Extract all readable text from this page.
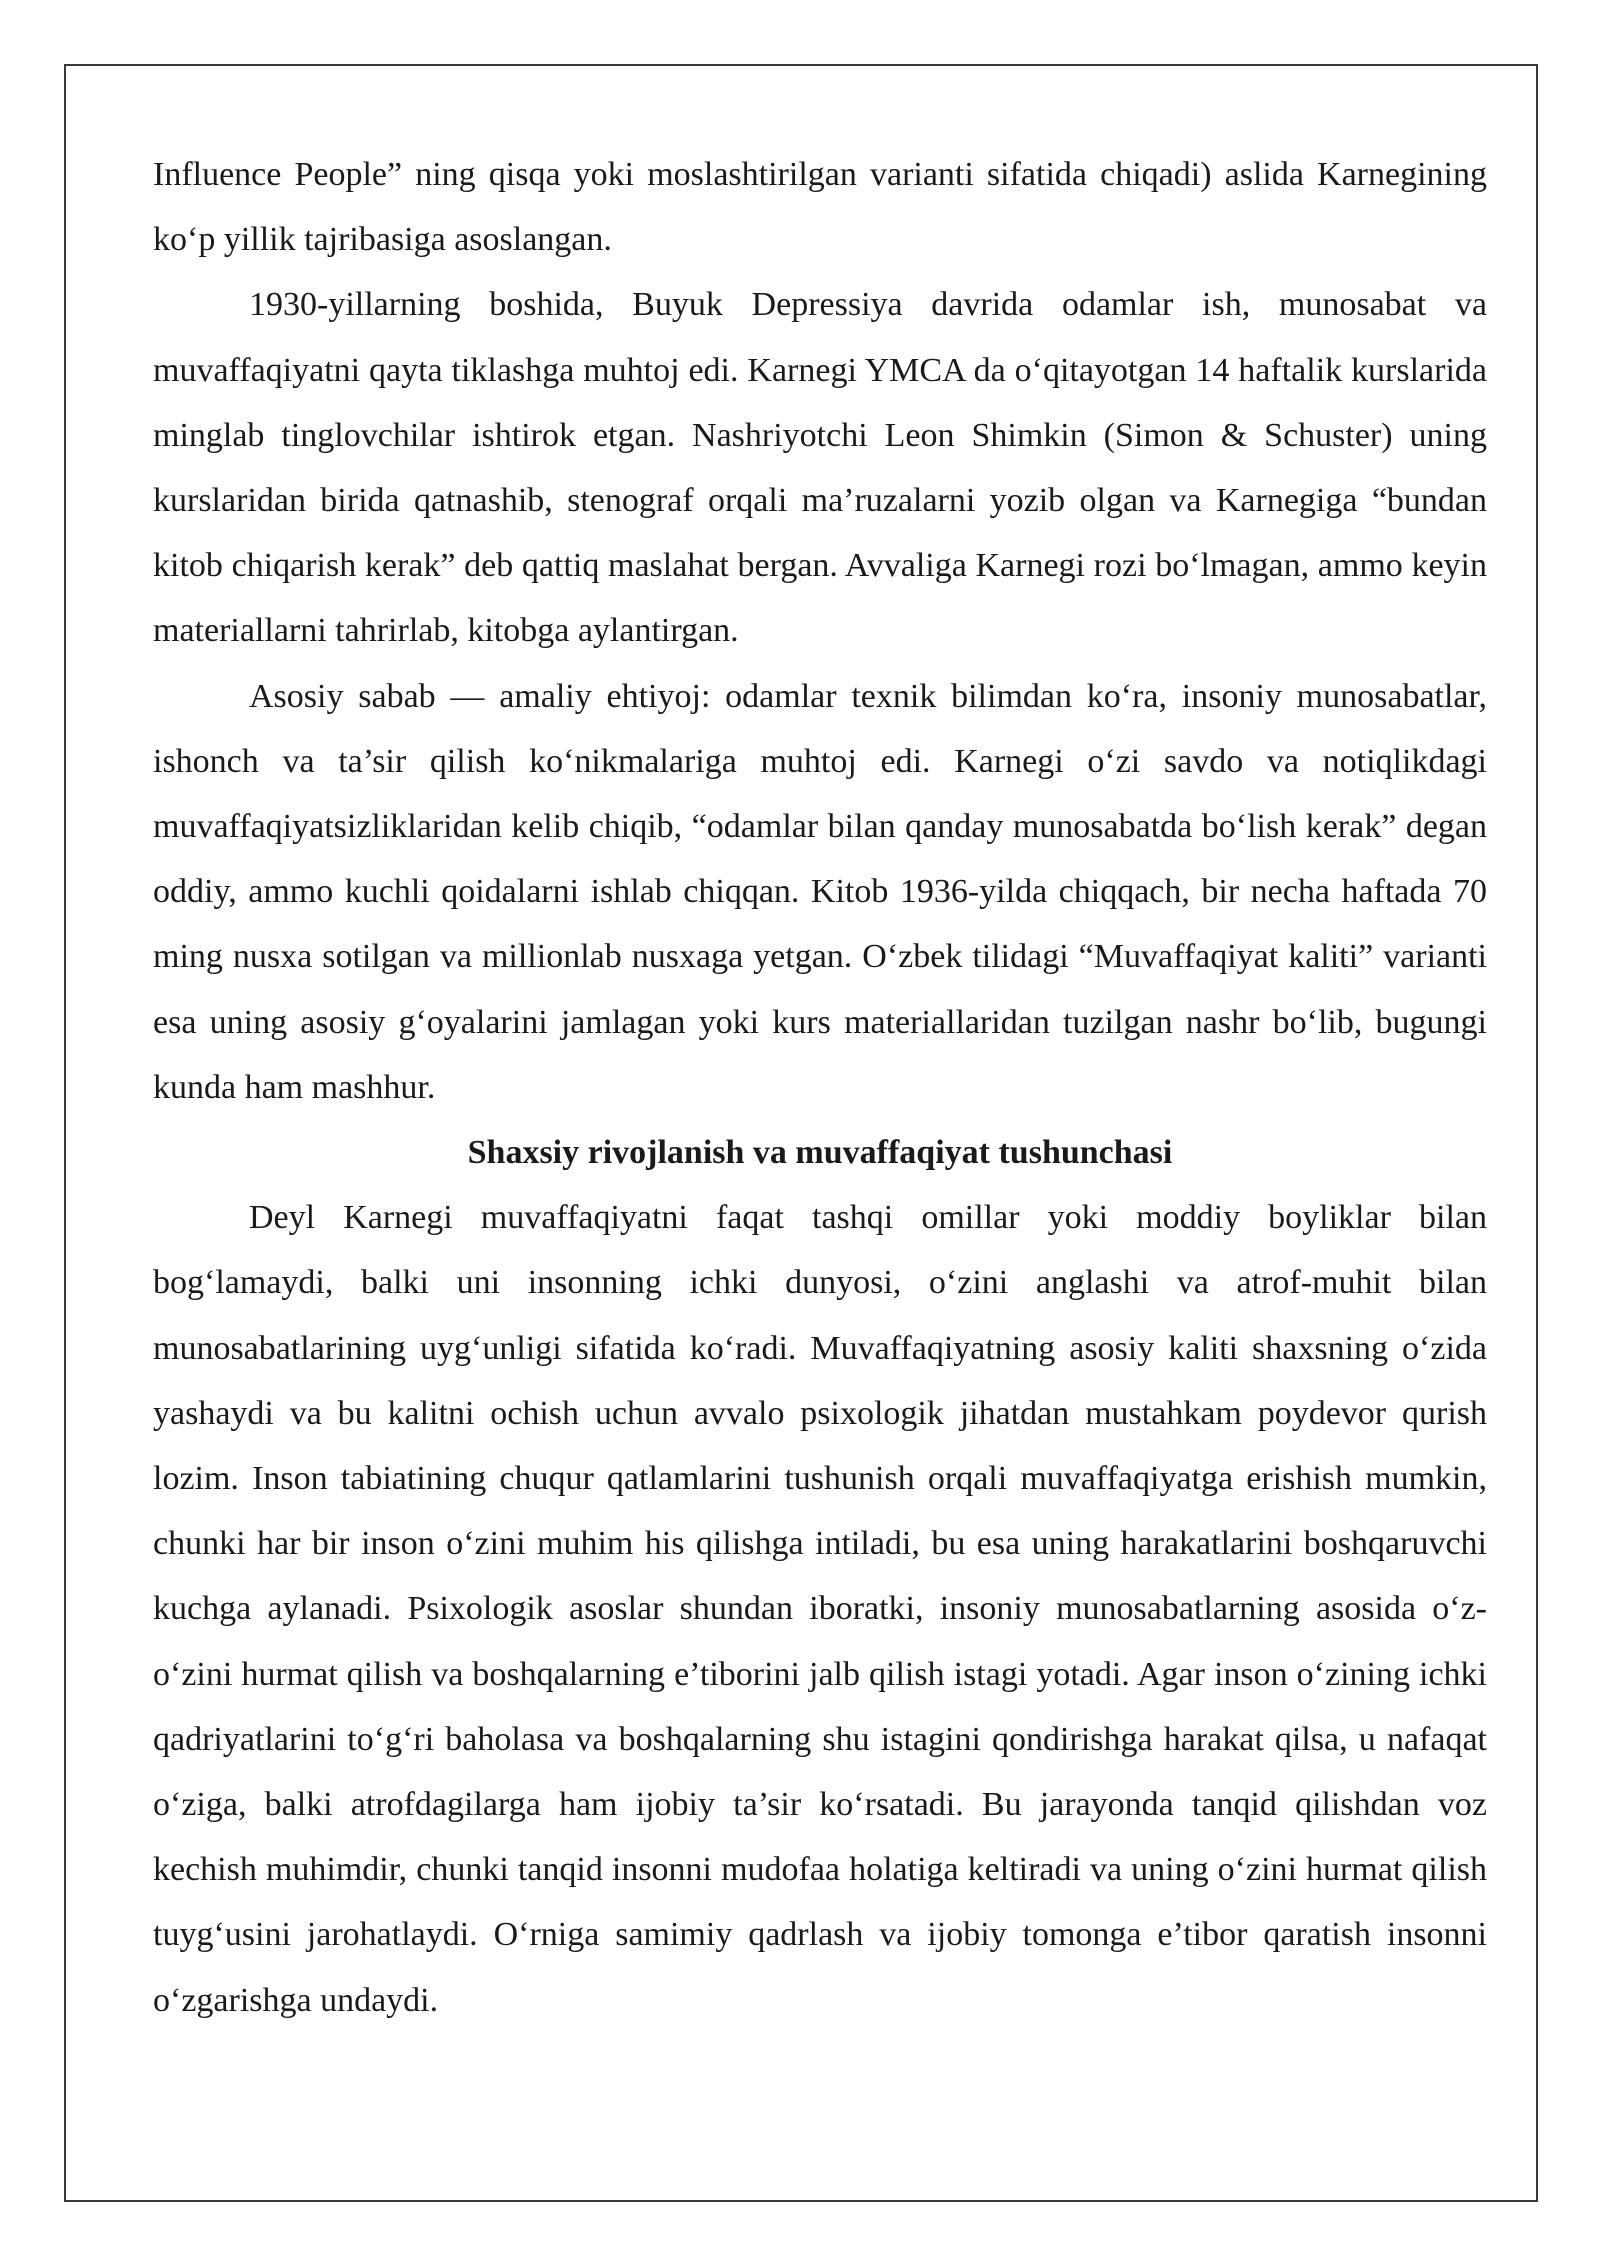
Influence People” ning qisqa yoki moslashtirilgan varianti sifatida chiqadi) aslida Karnegining ko‘p yillik tajribasiga asoslangan.

1930-yillarning boshida, Buyuk Depressiya davrida odamlar ish, munosabat va muvaffaqiyatni qayta tiklashga muhtoj edi. Karnegi YMCA da o‘qitayotgan 14 haftalik kurslarida minglab tinglovchilar ishtirok etgan. Nashriyotchi Leon Shimkin (Simon & Schuster) uning kurslaridan birida qatnashib, stenograf orqali ma’ruzalarni yozib olgan va Karnegiga “bundan kitob chiqarish kerak” deb qattiq maslahat bergan. Avvaliga Karnegi rozi bo‘lmagan, ammo keyin materiallarni tahrirlab, kitobga aylantirgan.

Asosiy sabab — amaliy ehtiyoj: odamlar texnik bilimdan ko‘ra, insoniy munosabatlar, ishonch va ta’sir qilish ko‘nikmalariga muhtoj edi. Karnegi o‘zi savdo va notiqlikdagi muvaffaqiyatsizliklaridan kelib chiqib, “odamlar bilan qanday munosabatda bo‘lish kerak” degan oddiy, ammo kuchli qoidalarni ishlab chiqqan. Kitob 1936-yilda chiqqach, bir necha haftada 70 ming nusxa sotilgan va millionlab nusxaga yetgan. O‘zbek tilidagi “Muvaffaqiyat kaliti” varianti esa uning asosiy g‘oyalarini jamlagan yoki kurs materiallaridan tuzilgan nashr bo‘lib, bugungi kunda ham mashhur.

Shaxsiy rivojlanish va muvaffaqiyat tushunchasi

Deyl Karnegi muvaffaqiyatni faqat tashqi omillar yoki moddiy boyliklar bilan bog‘lamaydi, balki uni insonning ichki dunyosi, o‘zini anglashi va atrof-muhit bilan munosabatlarining uyg‘unligi sifatida ko‘radi. Muvaffaqiyatning asosiy kaliti shaxsning o‘zida yashaydi va bu kalitni ochish uchun avvalo psixologik jihatdan mustahkam poydevor qurish lozim. Inson tabiatining chuqur qatlamlarini tushunish orqali muvaffaqiyatga erishish mumkin, chunki har bir inson o‘zini muhim his qilishga intiladi, bu esa uning harakatlarini boshqaruvchi kuchga aylanadi. Psixologik asoslar shundan iboratki, insoniy munosabatlarning asosida o‘z-o‘zini hurmat qilish va boshqalarning e’tiborini jalb qilish istagi yotadi. Agar inson o‘zining ichki qadriyatlarini to‘g‘ri baholasa va boshqalarning shu istagini qondirishga harakat qilsa, u nafaqat o‘ziga, balki atrofdagilarga ham ijobiy ta’sir ko‘rsatadi. Bu jarayonda tanqid qilishdan voz kechish muhimdir, chunki tanqid insonni mudofaa holatiga keltiradi va uning o‘zini hurmat qilish tuyg‘usini jarohatlaydi. O‘rniga samimiy qadrlash va ijobiy tomonga e’tibor qaratish insonni o‘zgarishga undaydi.
